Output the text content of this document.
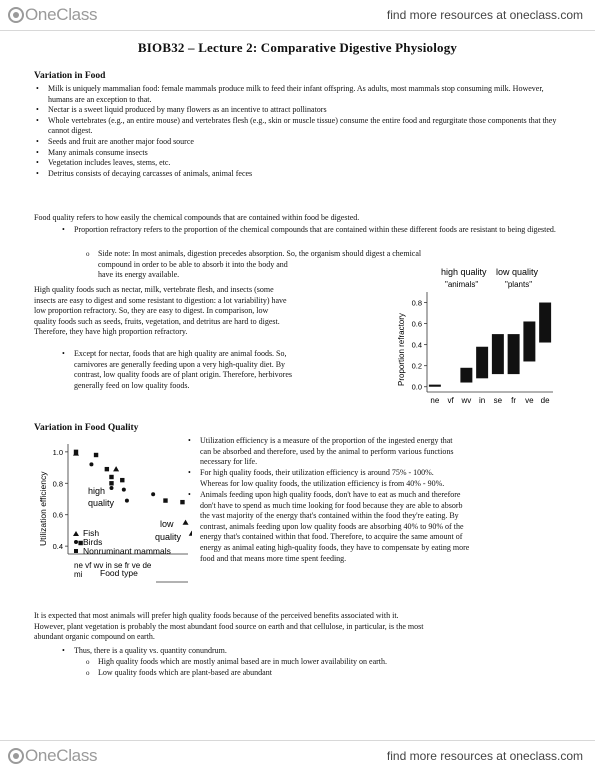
OneClass	find more resources at oneclass.com
BIOB32 – Lecture 2: Comparative Digestive Physiology
Variation in Food
• Milk is uniquely mammalian food: female mammals produce milk to feed their infant offspring. As adults, most mammals stop consuming milk. However, humans are an exception to that.
• Nectar is a sweet liquid produced by many flowers as an incentive to attract pollinators
• Whole vertebrates (e.g., an entire mouse) and vertebrates flesh (e.g., skin or muscle tissue) consume the entire food and regurgitate those components that they cannot digest.
• Seeds and fruit are another major food source
• Many animals consume insects
• Vegetation includes leaves, stems, etc.
• Detritus consists of decaying carcasses of animals, animal feces
Food quality refers to how easily the chemical compounds that are contained within food be digested.
• Proportion refractory refers to the proportion of the chemical compounds that are contained within these different foods are resistant to being digested.
o Side note: In most animals, digestion precedes absorption. So, the organism should digest a chemical
compound in order to be able to absorb it into the body and
have its energy available.
High quality foods such as nectar, milk, vertebrate flesh, and insects (some
insects are easy to digest and some resistant to digestion: a lot variability) have
low proportion refractory. So, they are easy to digest. In comparison, low
quality foods such as seeds, fruits, vegetation, and detritus are hard to digest.
Therefore, they have high proportion refractory.
• Except for nectar, foods that are high quality are animal foods. So,
carnivores are generally feeding upon a very high-quality diet. By
contrast, low quality foods are of plant origin. Therefore, herbivores
generally feed on low quality foods.
high quality low quality
"animals"	"plants"
Proportion refractory
0.0
0.2
0.4
0.6
0.8
ne vf wv in se fr ve de
Variation in Food Quality
Utilization efficiency
0.4
0.6
0.8
1.0
high
quality
low
quality
Fish
Birds
Nonruminant mammals
ne vf wv in se fr ve de
mi Food type
• Utilization efficiency is a measure of the proportion of the ingested energy that
can be absorbed and therefore, used by the animal to perform various functions
necessary for life.
• For high quality foods, their utilization efficiency is around 75% - 100%.
Whereas for low quality foods, the utilization efficiency is from 40% - 90%.
• Animals feeding upon high quality foods, don't have to eat as much and therefore
don't have to spend as much time looking for food because they are able to absorb
the vast majority of the energy that's contained within the food they're eating. By
contrast, animals feeding upon low quality foods are absorbing 40% to 90% of the
energy that's contained within that food. Therefore, to acquire the same amount of
energy as animal eating high-quality foods, they have to compensate by eating more
food and that means more time spent feeding.
It is expected that most animals will prefer high quality foods because of the perceived benefits associated with it.
However, plant vegetation is probably the most abundant food source on earth and that cellulose, in particular, is the most
abundant organic compound on earth.
• Thus, there is a quality vs. quantity conundrum.
o High quality foods which are mostly animal based are in much lower availability on earth.
o Low quality foods which are plant-based are abundant
OneClass	find more resources at oneclass.com
